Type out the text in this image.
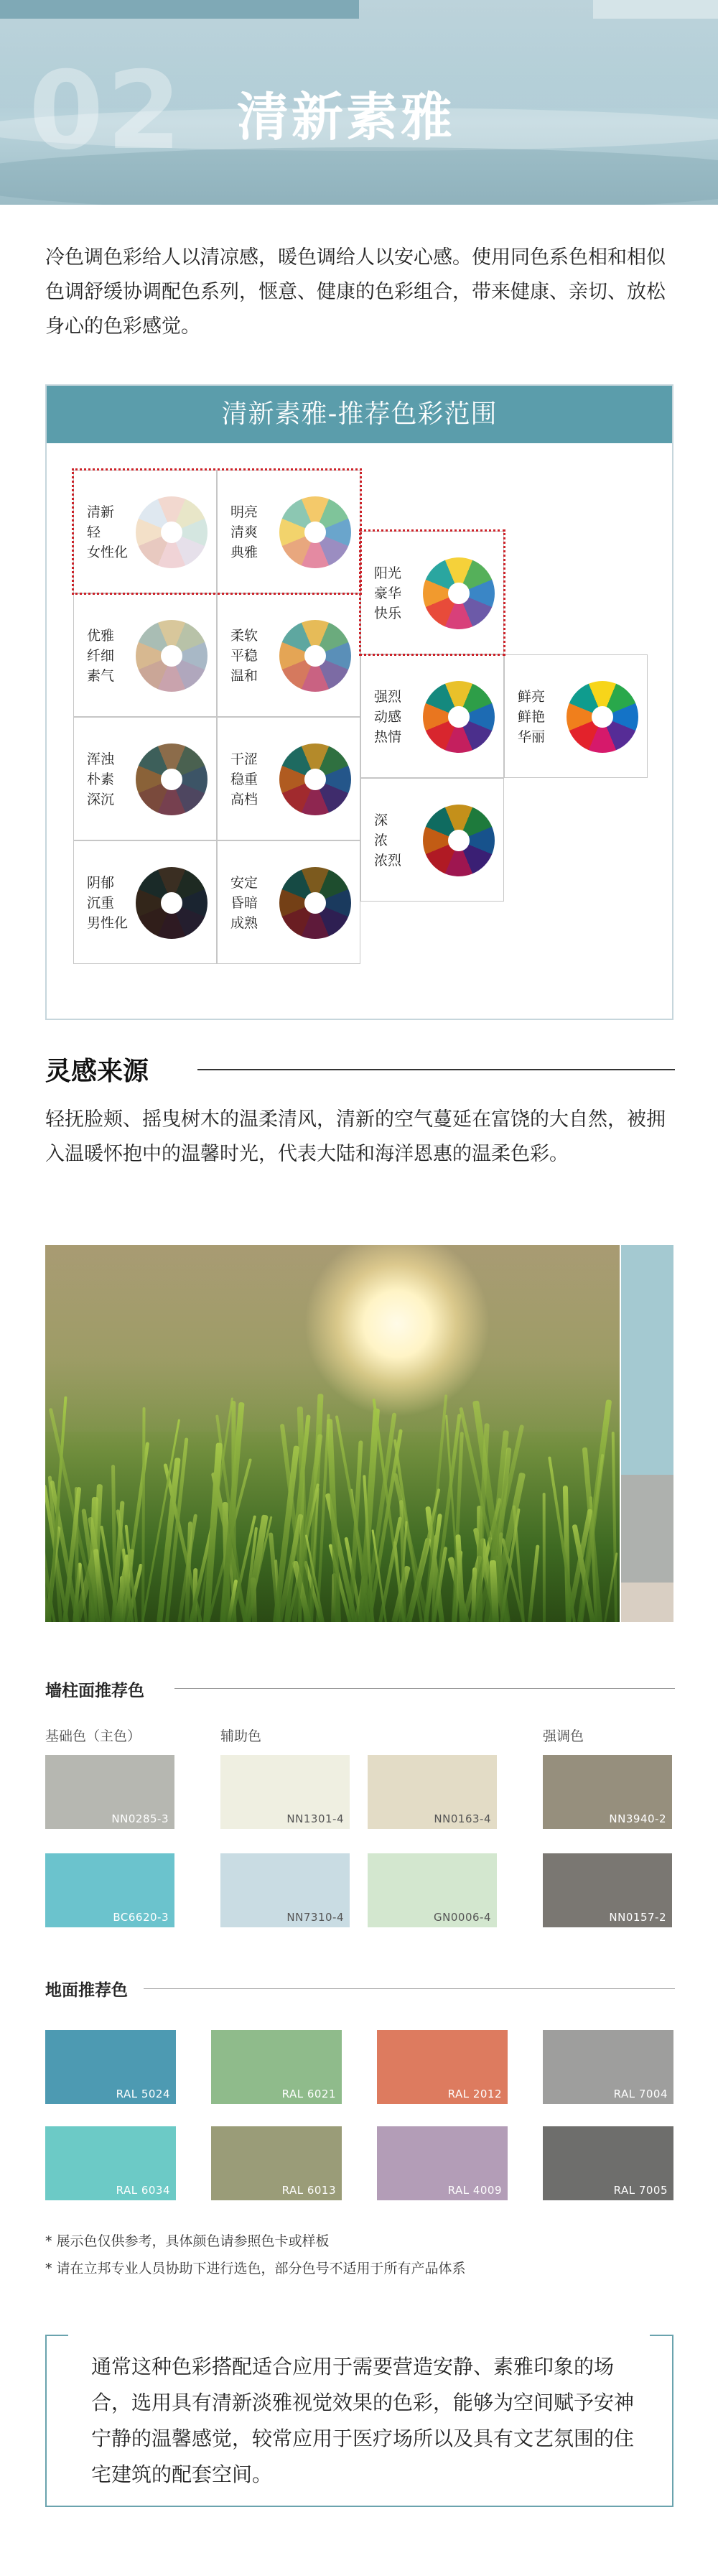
02 清新素雅
冷色调色彩给人以清凉感，暖色调给人以安心感。使用同色系色相和相似色调舒缓协调配色系列，惬意、健康的色彩组合，带来健康、亲切、放松身心的色彩感觉。
清新素雅-推荐色彩范围
清新
轻
女性化
明亮
清爽
典雅
阳光
豪华
快乐
优雅
纤细
素气
柔软
平稳
温和
强烈
动感
热情
鲜亮
鲜艳
华丽
浑浊
朴素
深沉
干涩
稳重
高档
深
浓
浓烈
阴郁
沉重
男性化
安定
昏暗
成熟
灵感来源
轻抚脸颊、摇曳树木的温柔清风，清新的空气蔓延在富饶的大自然，被拥入温暖怀抱中的温馨时光，代表大陆和海洋恩惠的温柔色彩。
墙柱面推荐色
基础色（主色）	辅助色	强调色
NN0285-3	NN1301-4	NN0163-4	NN3940-2
BC6620-3	NN7310-4	GN0006-4	NN0157-2
地面推荐色
RAL 5024	RAL 6021	RAL 2012	RAL 7004
RAL 6034	RAL 6013	RAL 4009	RAL 7005
* 展示色仅供参考，具体颜色请参照色卡或样板
* 请在立邦专业人员协助下进行选色，部分色号不适用于所有产品体系

通常这种色彩搭配适合应用于需要营造安静、素雅印象的场合，选用具有清新淡雅视觉效果的色彩，能够为空间赋予安神宁静的温馨感觉，较常应用于医疗场所以及具有文艺氛围的住宅建筑的配套空间。
